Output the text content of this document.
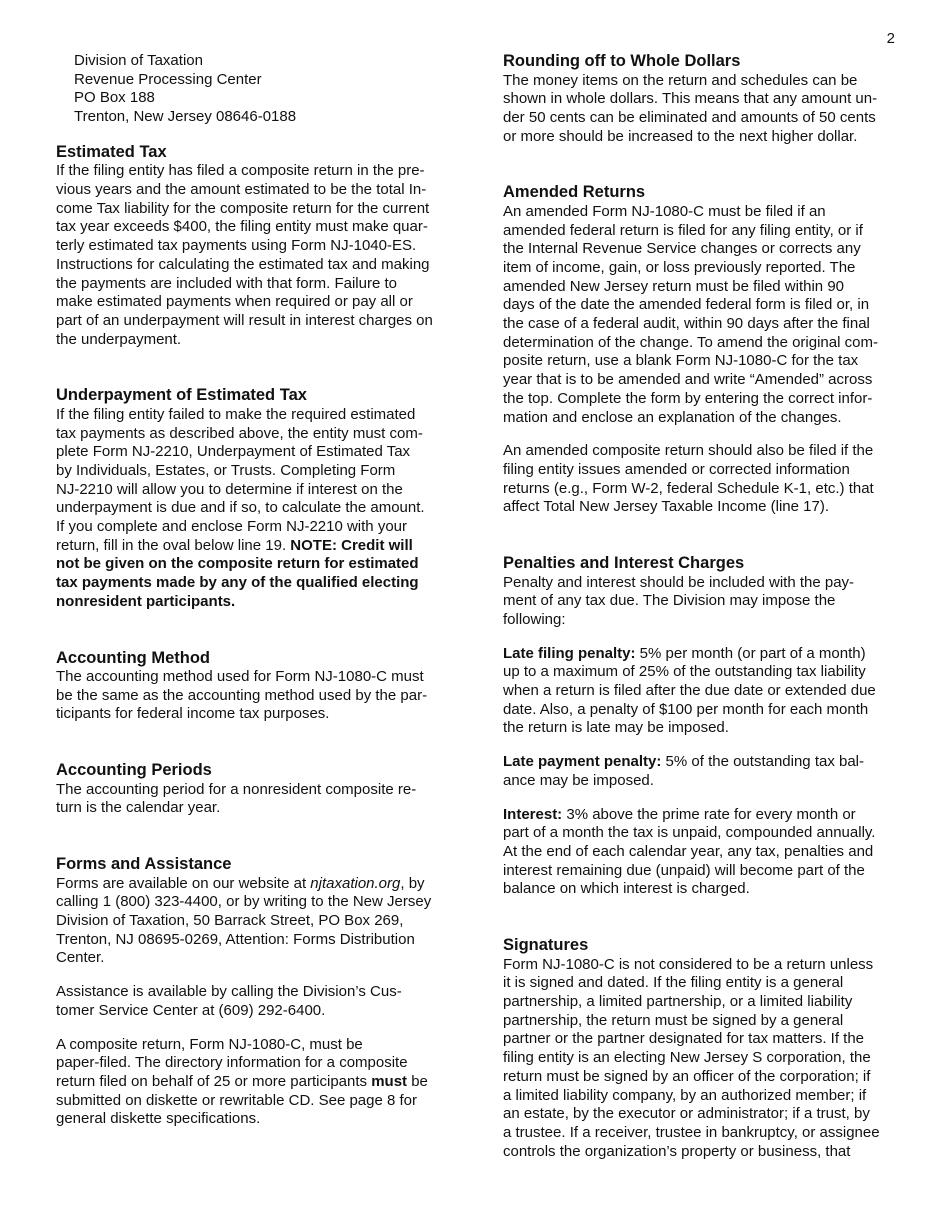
2
Division of Taxation
Revenue Processing Center
PO Box 188
Trenton, New Jersey 08646-0188
Estimated Tax

If the filing entity has filed a composite return in the pre-
vious years and the amount estimated to be the total In-
come Tax liability for the composite return for the current
tax year exceeds $400, the filing entity must make quar-
terly estimated tax payments using Form NJ-1040-ES.
Instructions for calculating the estimated tax and making
the payments are included with that form. Failure to
make estimated payments when required or pay all or
part of an underpayment will result in interest charges on
the underpayment.

Underpayment of Estimated Tax

If the filing entity failed to make the required estimated
tax payments as described above, the entity must com-
plete Form NJ-2210, Underpayment of Estimated Tax
by Individuals, Estates, or Trusts. Completing Form
NJ-2210 will allow you to determine if interest on the
underpayment is due and if so, to calculate the amount.
If you complete and enclose Form NJ-2210 with your
return, fill in the oval below line 19. NOTE: Credit will
not be given on the composite return for estimated
tax payments made by any of the qualified electing
nonresident participants.

Accounting Method

The accounting method used for Form NJ-1080-C must
be the same as the accounting method used by the par-
ticipants for federal income tax purposes.

Accounting Periods

The accounting period for a nonresident composite re-
turn is the calendar year.

Forms and Assistance

Forms are available on our website at njtaxation.org, by
calling 1 (800) 323-4400, or by writing to the New Jersey
Division of Taxation, 50 Barrack Street, PO Box 269,
Trenton, NJ 08695-0269, Attention: Forms Distribution
Center.

Assistance is available by calling the Division’s Cus-
tomer Service Center at (609) 292-6400.

A composite return, Form NJ-1080-C, must be
paper-filed. The directory information for a composite
return filed on behalf of 25 or more participants must be
submitted on diskette or rewritable CD. See page 8 for
general diskette specifications.

Rounding off to Whole Dollars

The money items on the return and schedules can be
shown in whole dollars. This means that any amount un-
der 50 cents can be eliminated and amounts of 50 cents
or more should be increased to the next higher dollar.

Amended Returns

An amended Form NJ-1080-C must be filed if an
amended federal return is filed for any filing entity, or if
the Internal Revenue Service changes or corrects any
item of income, gain, or loss previously reported. The
amended New Jersey return must be filed within 90
days of the date the amended federal form is filed or, in
the case of a federal audit, within 90 days after the final
determination of the change. To amend the original com-
posite return, use a blank Form NJ-1080-C for the tax
year that is to be amended and write “Amended” across
the top. Complete the form by entering the correct infor-
mation and enclose an explanation of the changes.

An amended composite return should also be filed if the
filing entity issues amended or corrected information
returns (e.g., Form W-2, federal Schedule K-1, etc.) that
affect Total New Jersey Taxable Income (line 17).

Penalties and Interest Charges

Penalty and interest should be included with the pay-
ment of any tax due. The Division may impose the
following:

Late filing penalty: 5% per month (or part of a month)
up to a maximum of 25% of the outstanding tax liability
when a return is filed after the due date or extended due
date. Also, a penalty of $100 per month for each month
the return is late may be imposed.

Late payment penalty: 5% of the outstanding tax bal-
ance may be imposed.

Interest: 3% above the prime rate for every month or
part of a month the tax is unpaid, compounded annually.
At the end of each calendar year, any tax, penalties and
interest remaining due (unpaid) will become part of the
balance on which interest is charged.

Signatures

Form NJ-1080-C is not considered to be a return unless
it is signed and dated. If the filing entity is a general
partnership, a limited partnership, or a limited liability
partnership, the return must be signed by a general
partner or the partner designated for tax matters. If the
filing entity is an electing New Jersey S corporation, the
return must be signed by an officer of the corporation; if
a limited liability company, by an authorized member; if
an estate, by the executor or administrator; if a trust, by
a trustee. If a receiver, trustee in bankruptcy, or assignee
controls the organization’s property or business, that
